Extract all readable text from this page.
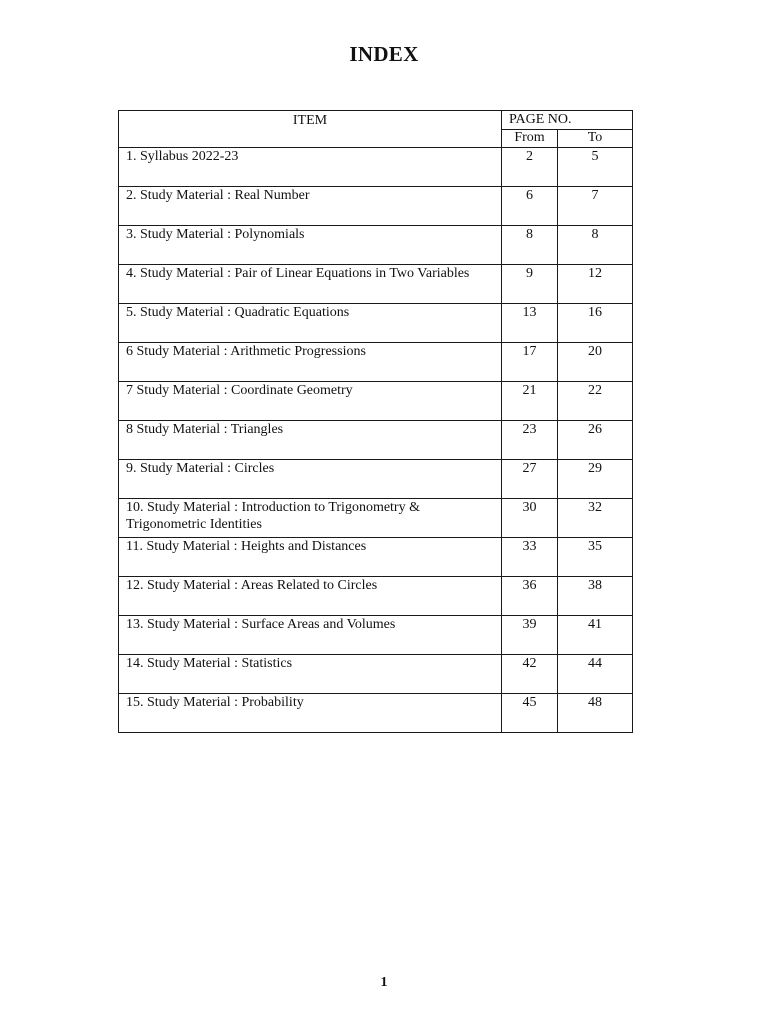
INDEX
ITEM	PAGE NO.	
	From	To
1. Syllabus 2022-23	2	5
2. Study Material : Real Number	6	7
3. Study Material : Polynomials	8	8
4. Study Material : Pair of Linear Equations in Two Variables	9	12
5. Study Material : Quadratic Equations	13	16
6 Study Material : Arithmetic Progressions	17	20
7 Study Material : Coordinate Geometry	21	22
8 Study Material : Triangles	23	26
9. Study Material : Circles	27	29
10. Study Material : Introduction to Trigonometry & Trigonometric Identities	30	32
11. Study Material : Heights and Distances	33	35
12. Study Material : Areas Related to Circles	36	38
13. Study Material : Surface Areas and Volumes	39	41
14. Study Material : Statistics	42	44
15. Study Material : Probability	45	48
1
